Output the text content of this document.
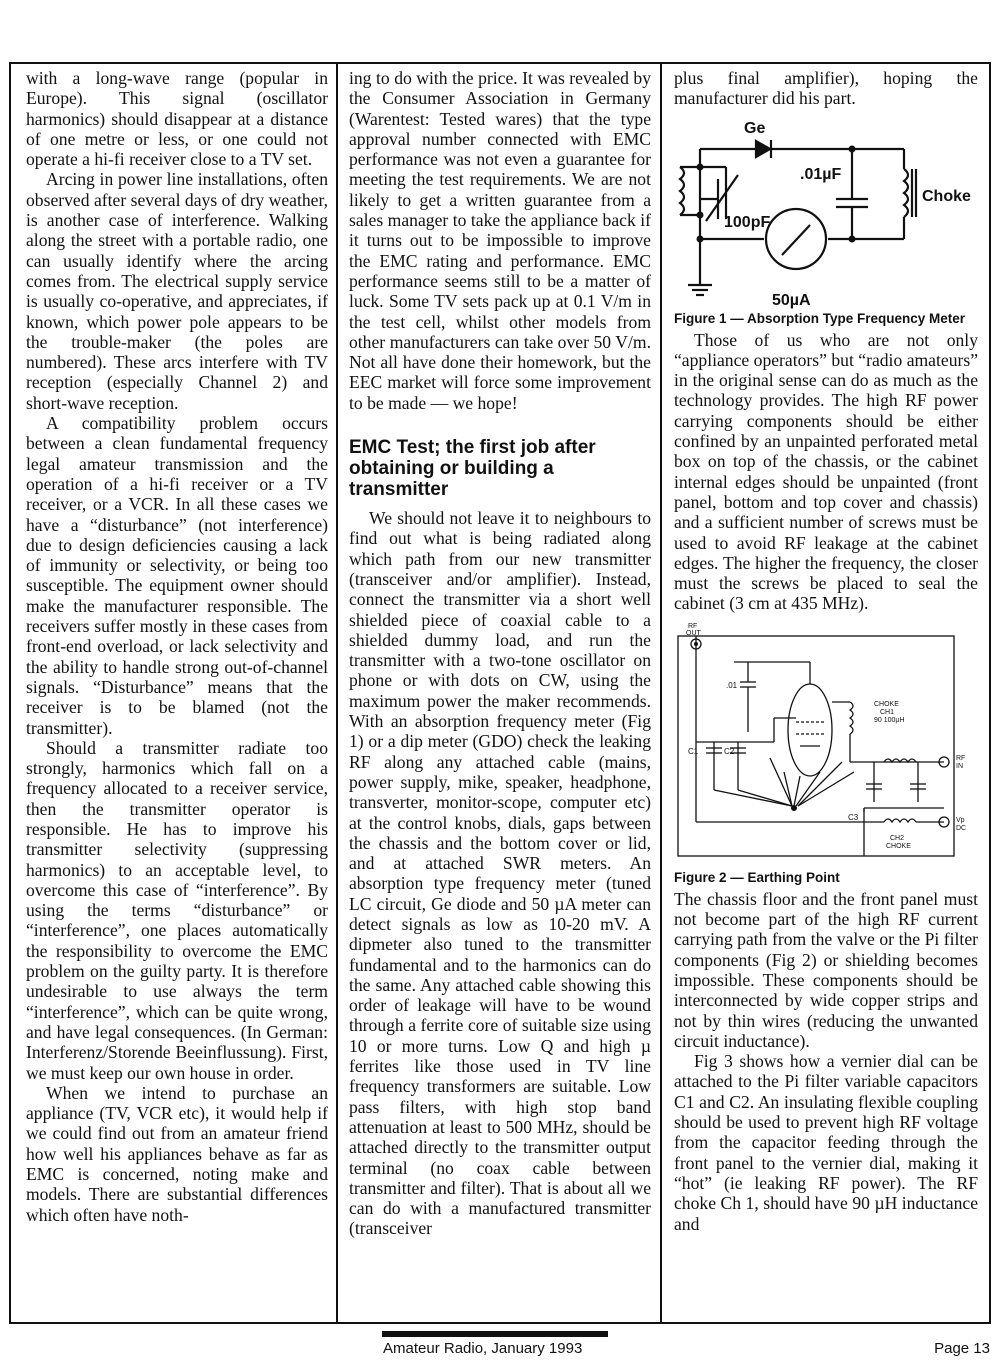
with a long-wave range (popular in Europe). This signal (oscillator harmonics) should disappear at a distance of one metre or less, or one could not operate a hi-fi receiver close to a TV set.

Arcing in power line installations, often observed after several days of dry weather, is another case of interference. Walking along the street with a portable radio, one can usually identify where the arcing comes from. The electrical supply service is usually co-operative, and appreciates, if known, which power pole appears to be the trouble-maker (the poles are numbered). These arcs interfere with TV reception (especially Channel 2) and short-wave reception.

A compatibility problem occurs between a clean fundamental frequency legal amateur transmission and the operation of a hi-fi receiver or a TV receiver, or a VCR. In all these cases we have a “disturbance” (not interference) due to design deficiencies causing a lack of immunity or selectivity, or being too susceptible. The equipment owner should make the manufacturer responsible. The receivers suffer mostly in these cases from front-end overload, or lack selectivity and the ability to handle strong out-of-channel signals. “Disturbance” means that the receiver is to be blamed (not the transmitter).

Should a transmitter radiate too strongly, harmonics which fall on a frequency allocated to a receiver service, then the transmitter operator is responsible. He has to improve his transmitter selectivity (suppressing harmonics) to an acceptable level, to overcome this case of “interference”. By using the terms “disturbance” or “interference”, one places automatically the responsibility to overcome the EMC problem on the guilty party. It is therefore undesirable to use always the term “interference”, which can be quite wrong, and have legal consequences. (In German: Interferenz/Storende Beeinflussung). First, we must keep our own house in order.

When we intend to purchase an appliance (TV, VCR etc), it would help if we could find out from an amateur friend how well his appliances behave as far as EMC is concerned, noting make and models. There are substantial differences which often have noth-

ing to do with the price. It was revealed by the Consumer Association in Germany (Warentest: Tested wares) that the type approval number connected with EMC performance was not even a guarantee for meeting the test requirements. We are not likely to get a written guarantee from a sales manager to take the appliance back if it turns out to be impossible to improve the EMC rating and performance. EMC performance seems still to be a matter of luck. Some TV sets pack up at 0.1 V/m in the test cell, whilst other models from other manufacturers can take over 50 V/m. Not all have done their homework, but the EEC market will force some improvement to be made — we hope!

EMC Test; the first job after obtaining or building a transmitter

We should not leave it to neighbours to find out what is being radiated along which path from our new transmitter (transceiver and/or amplifier). Instead, connect the transmitter via a short well shielded piece of coaxial cable to a shielded dummy load, and run the transmitter with a two-tone oscillator on phone or with dots on CW, using the maximum power the maker recommends. With an absorption frequency meter (Fig 1) or a dip meter (GDO) check the leaking RF along any attached cable (mains, power supply, mike, speaker, headphone, transverter, monitor-scope, computer etc) at the control knobs, dials, gaps between the chassis and the bottom cover or lid, and at attached SWR meters. An absorption type frequency meter (tuned LC circuit, Ge diode and 50 µA meter can detect signals as low as 10-20 mV. A dipmeter also tuned to the transmitter fundamental and to the harmonics can do the same. Any attached cable showing this order of leakage will have to be wound through a ferrite core of suitable size using 10 or more turns. Low Q and high µ ferrites like those used in TV line frequency transformers are suitable. Low pass filters, with high stop band attenuation at least to 500 MHz, should be attached directly to the transmitter output terminal (no coax cable between transmitter and filter). That is about all we can do with a manufactured transmitter (transceiver

plus final amplifier), hoping the manufacturer did his part.

Ge
.01µF
Choke
100pF
50µA
Figure 1 — Absorption Type Frequency Meter

Those of us who are not only “appliance operators” but “radio amateurs” in the original sense can do as much as the technology provides. The high RF power carrying components should be either confined by an unpainted perforated metal box on top of the chassis, or the cabinet internal edges should be unpainted (front panel, bottom and top cover and chassis) and a sufficient number of screws must be used to avoid RF leakage at the cabinet edges. The higher the frequency, the closer must the screws be placed to seal the cabinet (3 cm at 435 MHz).

RF
OUT
.01
CHOKE
CH1
90 100µH
C1	C2
C3
RF
IN
CH2
CHOKE
Vp
DC
Figure 2 — Earthing Point

The chassis floor and the front panel must not become part of the high RF current carrying path from the valve or the Pi filter components (Fig 2) or shielding becomes impossible. These components should be interconnected by wide copper strips and not by thin wires (reducing the unwanted circuit inductance).

Fig 3 shows how a vernier dial can be attached to the Pi filter variable capacitors C1 and C2. An insulating flexible coupling should be used to prevent high RF voltage from the capacitor feeding through the front panel to the vernier dial, making it “hot” (ie leaking RF power). The RF choke Ch 1, should have 90 µH inductance and

Amateur Radio, January 1993	Page 13
